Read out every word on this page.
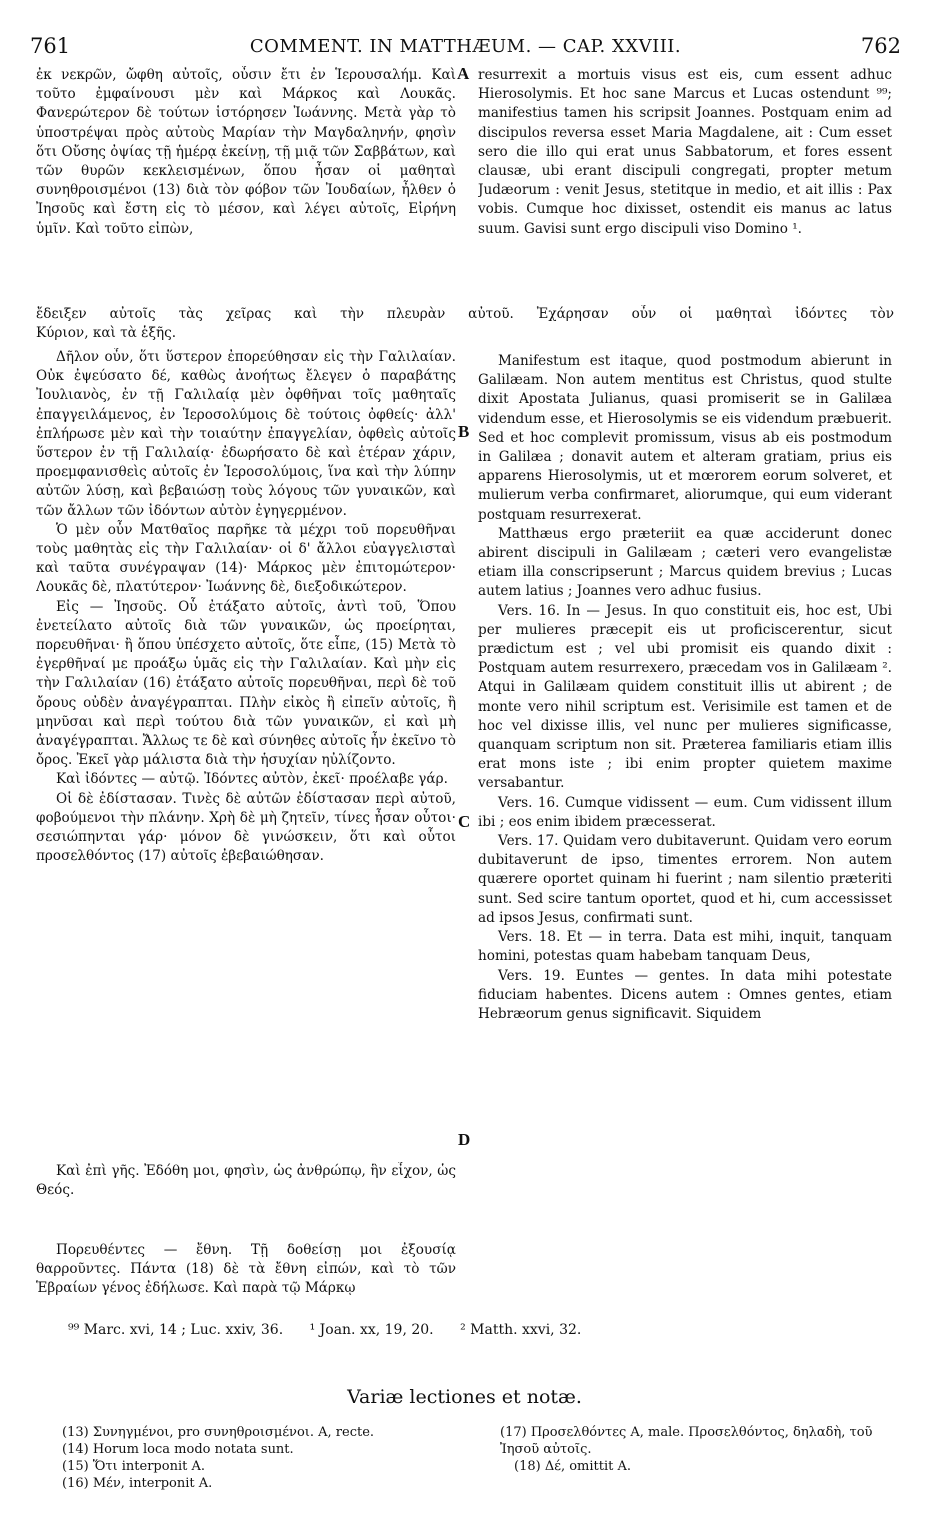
761	COMMENT. IN MATTHÆUM. — CAP. XXVIII.	762

ἐκ νεκρῶν, ὤφθη αὐτοῖς, οὖσιν ἔτι ἐν Ἱερουσαλήμ. Καὶ τοῦτο ἐμφαίνουσι μὲν καὶ Μάρκος καὶ Λουκᾶς. Φανερώτερον δὲ τούτων ἱστόρησεν Ἰωάννης. Μετὰ γὰρ τὸ ὑποστρέψαι πρὸς αὐτοὺς Μαρίαν τὴν Μαγδαληνήν, φησὶν ὅτι Οὔσης ὀψίας τῇ ἡμέρᾳ ἐκείνῃ, τῇ μιᾷ τῶν Σαββάτων, καὶ τῶν θυρῶν κεκλεισμένων, ὅπου ἦσαν οἱ μαθηταὶ συνηθροισμένοι (13) διὰ τὸν φόβον τῶν Ἰουδαίων, ἦλθεν ὁ Ἰησοῦς καὶ ἔστη εἰς τὸ μέσον, καὶ λέγει αὐτοῖς, Εἰρήνη ὑμῖν. Καὶ τοῦτο εἰπὼν,

A resurrexit a mortuis visus est eis, cum essent adhuc Hierosolymis. Et hoc sane Marcus et Lucas ostendunt ⁹⁹; manifestius tamen his scripsit Joannes. Postquam enim ad discipulos reversa esset Maria Magdalene, ait : Cum esset sero die illo qui erat unus Sabbatorum, et fores essent clausæ, ubi erant discipuli congregati, propter metum Judæorum : venit Jesus, stetitque in medio, et ait illis : Pax vobis. Cumque hoc dixisset, ostendit eis manus ac latus suum. Gavisi sunt ergo discipuli viso Domino ¹.

ἔδειξεν αὐτοῖς τὰς χεῖρας καὶ τὴν πλευρὰν αὐτοῦ. Ἐχάρησαν οὖν οἱ μαθηταὶ ἰδόντες τὸν
Κύριον, καὶ τὰ ἑξῆς.

Δῆλον οὖν, ὅτι ὕστερον ἐπορεύθησαν εἰς τὴν Γαλιλαίαν. Οὐκ ἐψεύσατο δέ, καθὼς ἀνοήτως ἔλεγεν ὁ παραβάτης Ἰουλιανὸς, ἐν τῇ Γαλιλαίᾳ μὲν ὀφθῆναι τοῖς μαθηταῖς ἐπαγγειλάμενος, ἐν Ἱεροσολύμοις δὲ τούτοις ὀφθείς· ἀλλ' ἐπλήρωσε μὲν καὶ τὴν τοιαύτην ἐπαγγελίαν, ὀφθεὶς αὐτοῖς ὕστερον ἐν τῇ Γαλιλαίᾳ· ἐδωρήσατο δὲ καὶ ἑτέραν χάριν, προεμφανισθεὶς αὐτοῖς ἐν Ἱεροσολύμοις, ἵνα καὶ τὴν λύπην αὐτῶν λύσῃ, καὶ βεβαιώσῃ τοὺς λόγους τῶν γυναικῶν, καὶ τῶν ἄλλων τῶν ἰδόντων αὐτὸν ἐγηγερμένον.

Ὁ μὲν οὖν Ματθαῖος παρῆκε τὰ μέχρι τοῦ πορευθῆναι τοὺς μαθητὰς εἰς τὴν Γαλιλαίαν· οἱ δ' ἄλλοι εὐαγγελισταὶ καὶ ταῦτα συνέγραψαν (14)· Μάρκος μὲν ἐπιτομώτερον· Λουκᾶς δὲ, πλατύτερον· Ἰωάννης δὲ, διεξοδικώτερον.

Εἰς — Ἰησοῦς. Οὗ ἐτάξατο αὐτοῖς, ἀντὶ τοῦ, Ὅπου ἐνετείλατο αὐτοῖς διὰ τῶν γυναικῶν, ὡς προείρηται, πορευθῆναι· ἢ ὅπου ὑπέσχετο αὐτοῖς, ὅτε εἶπε, (15) Μετὰ τὸ ἐγερθῆναί με προάξω ὑμᾶς εἰς τὴν Γαλιλαίαν. Καὶ μὴν εἰς τὴν Γαλιλαίαν (16) ἐτάξατο αὐτοῖς πορευθῆναι, περὶ δὲ τοῦ ὄρους οὐδὲν ἀναγέγραπται. Πλὴν εἰκὸς ἢ εἰπεῖν αὐτοῖς, ἢ μηνῦσαι καὶ περὶ τούτου διὰ τῶν γυναικῶν, εἰ καὶ μὴ ἀναγέγραπται. Ἄλλως τε δὲ καὶ σύνηθες αὐτοῖς ἦν ἐκεῖνο τὸ ὄρος. Ἐκεῖ γὰρ μάλιστα διὰ τὴν ἡσυχίαν ηὐλίζοντο.

Καὶ ἰδόντες — αὐτῷ. Ἰδόντες αὐτὸν, ἐκεῖ· προέλαβε γάρ.

Οἱ δὲ ἐδίστασαν. Τινὲς δὲ αὐτῶν ἐδίστασαν περὶ αὐτοῦ, φοβούμενοι τὴν πλάνην. Χρὴ δὲ μὴ ζητεῖν, τίνες ἦσαν οὗτοι· σεσιώπηνται γάρ· μόνον δὲ γινώσκειν, ὅτι καὶ οὗτοι προσελθόντος (17) αὐτοῖς ἐβεβαιώθησαν.

Καὶ ἐπὶ γῆς. Ἐδόθη μοι, φησὶν, ὡς ἀνθρώπῳ, ἣν εἶχον, ὡς Θεός.

Πορευθέντες — ἔθνη. Τῇ δοθείσῃ μοι ἐξουσίᾳ θαρροῦντες. Πάντα (18) δὲ τὰ ἔθνη εἰπών, καὶ τὸ τῶν Ἑβραίων γένος ἐδήλωσε. Καὶ παρὰ τῷ Μάρκῳ

B
C
D

Manifestum est itaque, quod postmodum abierunt in Galilæam. Non autem mentitus est Christus, quod stulte dixit Apostata Julianus, quasi promiserit se in Galilæa videndum esse, et Hierosolymis se eis videndum præbuerit. Sed et hoc complevit promissum, visus ab eis postmodum in Galilæa ; donavit autem et alteram gratiam, prius eis apparens Hierosolymis, ut et mœrorem eorum solveret, et mulierum verba confirmaret, aliorumque, qui eum viderant postquam resurrexerat.

Matthæus ergo præteriit ea quæ acciderunt donec abirent discipuli in Galilæam ; cæteri vero evangelistæ etiam illa conscripserunt ; Marcus quidem brevius ; Lucas autem latius ; Joannes vero adhuc fusius.

Vers. 16. In — Jesus. In quo constituit eis, hoc est, Ubi per mulieres præcepit eis ut proficiscerentur, sicut prædictum est ; vel ubi promisit eis quando dixit : Postquam autem resurrexero, præcedam vos in Galilæam ². Atqui in Galilæam quidem constituit illis ut abirent ; de monte vero nihil scriptum est. Verisimile est tamen et de hoc vel dixisse illis, vel nunc per mulieres significasse, quanquam scriptum non sit. Præterea familiaris etiam illis erat mons iste ; ibi enim propter quietem maxime versabantur.

Vers. 16. Cumque vidissent — eum. Cum vidissent illum ibi ; eos enim ibidem præcesserat.

Vers. 17. Quidam vero dubitaverunt. Quidam vero eorum dubitaverunt de ipso, timentes errorem. Non autem quærere oportet quinam hi fuerint ; nam silentio præteriti sunt. Sed scire tantum oportet, quod et hi, cum accessisset ad ipsos Jesus, confirmati sunt.

Vers. 18. Et — in terra. Data est mihi, inquit, tanquam homini, potestas quam habebam tanquam Deus,

Vers. 19. Euntes — gentes. In data mihi potestate fiduciam habentes. Dicens autem : Omnes gentes, etiam Hebræorum genus significavit. Siquidem

⁹⁹ Marc. xvi, 14 ; Luc. xxiv, 36. ¹ Joan. xx, 19, 20. ² Matth. xxvi, 32.
Variæ lectiones et notæ.
(13) Συνηγμένοι, pro συνηθροισμένοι. A, recte.
(14) Horum loca modo notata sunt.
(15) Ὅτι interponit A.
(16) Μέν, interponit A.
(17) Προσελθόντες A, male. Προσελθόντος, δηλαδὴ, τοῦ Ἰησοῦ αὐτοῖς.
(18) Δέ, omittit A.
